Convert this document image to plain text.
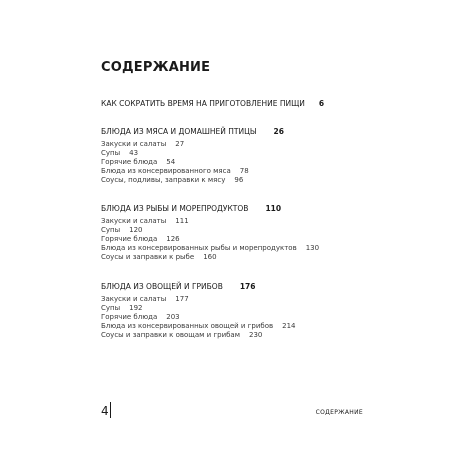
СОДЕРЖАНИЕ
КАК СОКРАТИТЬ ВРЕМЯ НА ПРИГОТОВЛЕНИЕ ПИЩИ 6
БЛЮДА ИЗ МЯСА И ДОМАШНЕЙ ПТИЦЫ 26
Закуски и салаты 27
Супы 43
Горячие блюда 54
Блюда из консервированного мяса 78
Соусы, подливы, заправки к мясу 96
БЛЮДА ИЗ РЫБЫ И МОРЕПРОДУКТОВ 110
Закуски и салаты 111
Супы 120
Горячие блюда 126
Блюда из консервированных рыбы и морепродуктов 130
Соусы и заправки к рыбе 160
БЛЮДА ИЗ ОВОЩЕЙ И ГРИБОВ 176
Закуски и салаты 177
Супы 192
Горячие блюда 203
Блюда из консервированных овощей и грибов 214
Соусы и заправки к овощам и грибам 230
4	СОДЕРЖАНИЕ
